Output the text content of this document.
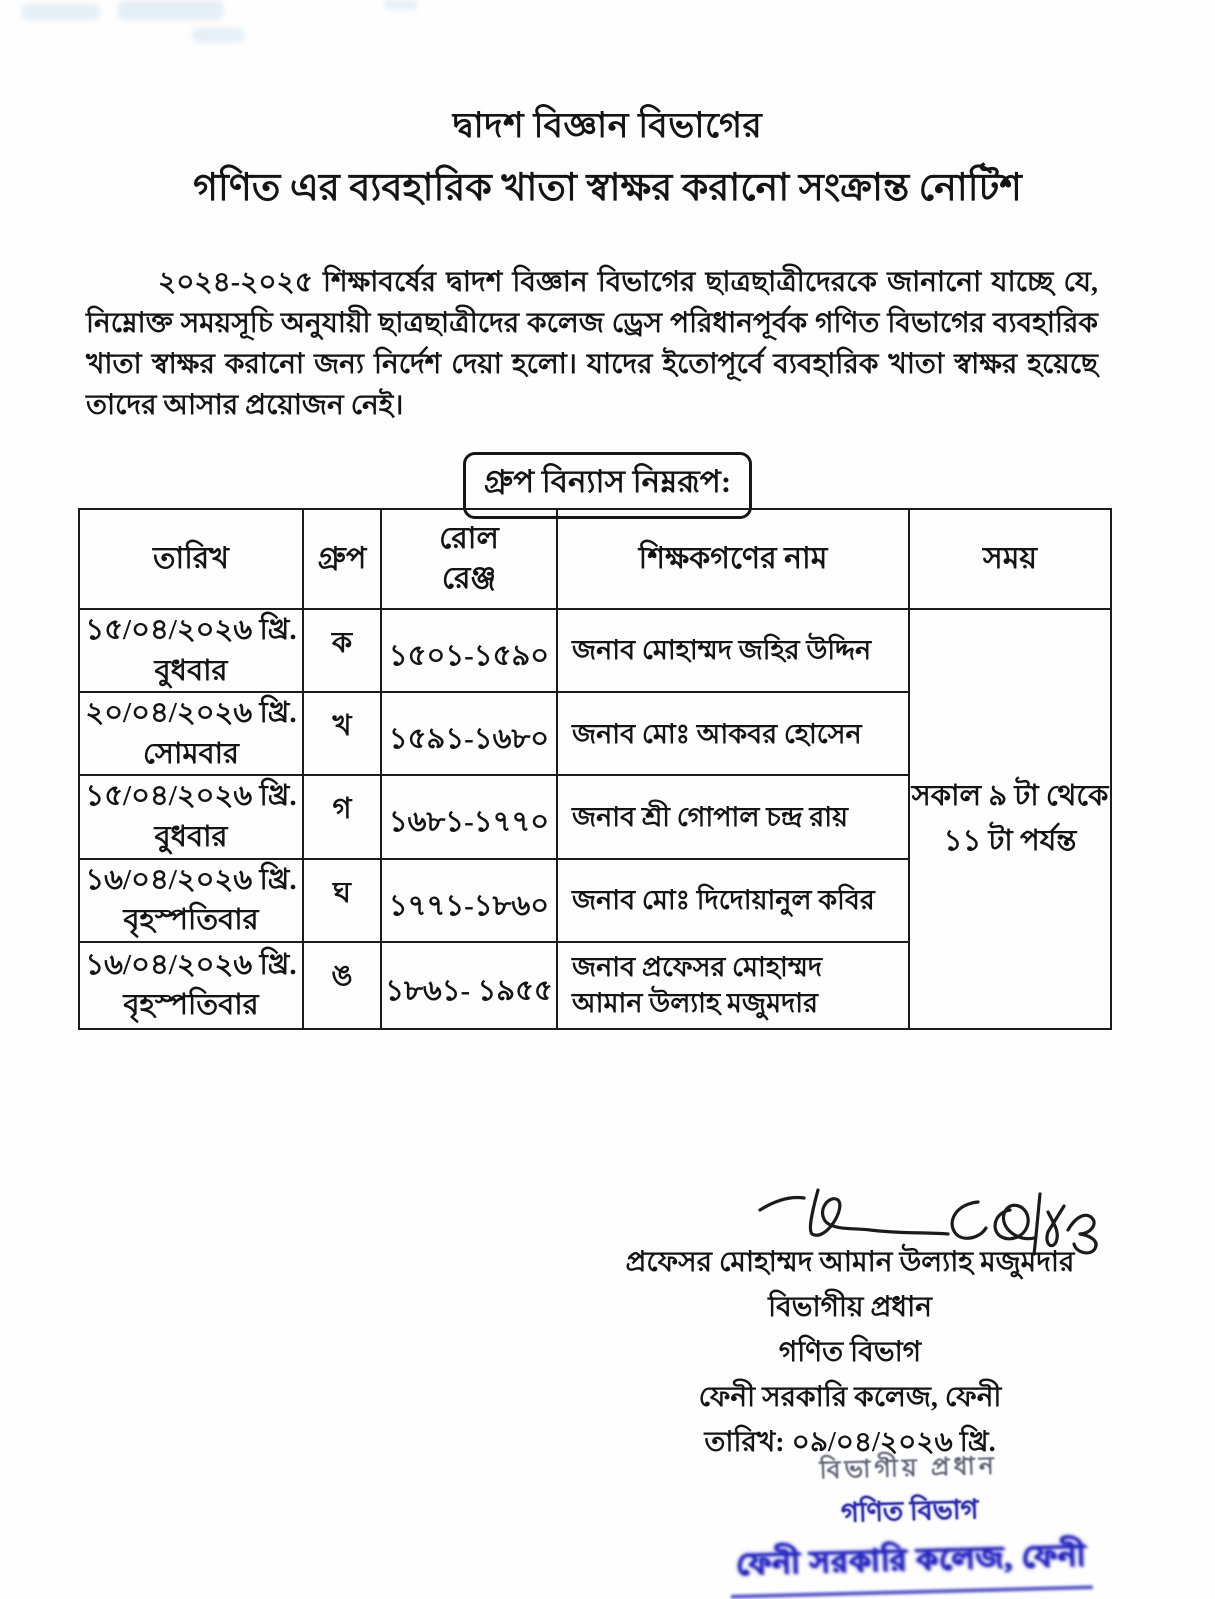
দ্বাদশ বিজ্ঞান বিভাগের
গণিত এর ব্যবহারিক খাতা স্বাক্ষর করানো সংক্রান্ত নোটিশ
২০২৪-২০২৫ শিক্ষাবর্ষের দ্বাদশ বিজ্ঞান বিভাগের ছাত্রছাত্রীদেরকে জানানো যাচ্ছে যে, নিম্নোক্ত সময়সূচি অনুযায়ী ছাত্রছাত্রীদের কলেজ ড্রেস পরিধানপূর্বক গণিত বিভাগের ব্যবহারিক খাতা স্বাক্ষর করানো জন্য নির্দেশ দেয়া হলো। যাদের ইতোপূর্বে ব্যবহারিক খাতা স্বাক্ষর হয়েছে তাদের আসার প্রয়োজন নেই।
গ্রুপ বিন্যাস নিম্নরূপ:
তারিখ	গ্রুপ	রোল রেঞ্জ	শিক্ষকগণের নাম	সময়
১৫/০৪/২০২৬ খ্রি.
বুধবার	ক	১৫০১-১৫৯০	জনাব মোহাম্মদ জহির উদ্দিন	সকাল ৯ টা থেকে
১১ টা পর্যন্ত

২০/০৪/২০২৬ খ্রি.
সোমবার	খ	১৫৯১-১৬৮০	জনাব মোঃ আকবর হোসেন	
১৫/০৪/২০২৬ খ্রি.
বুধবার	গ	১৬৮১-১৭৭০	জনাব শ্রী গোপাল চন্দ্র রায়	
১৬/০৪/২০২৬ খ্রি.
বৃহস্পতিবার	ঘ	১৭৭১-১৮৬০	জনাব মোঃ দিদোয়ানুল কবির	
১৬/০৪/২০২৬ খ্রি.
বৃহস্পতিবার	ঙ	১৮৬১- ১৯৫৫	জনাব প্রফেসর মোহাম্মদ আমান উল্যাহ মজুমদার	
প্রফেসর মোহাম্মদ আমান উল্যাহ মজুমদার
বিভাগীয় প্রধান
গণিত বিভাগ
ফেনী সরকারি কলেজ, ফেনী
তারিখ: ০৯/০৪/২০২৬ খ্রি.
বিভাগীয় প্রধান
গণিত বিভাগ
ফেনী সরকারি কলেজ, ফেনী
